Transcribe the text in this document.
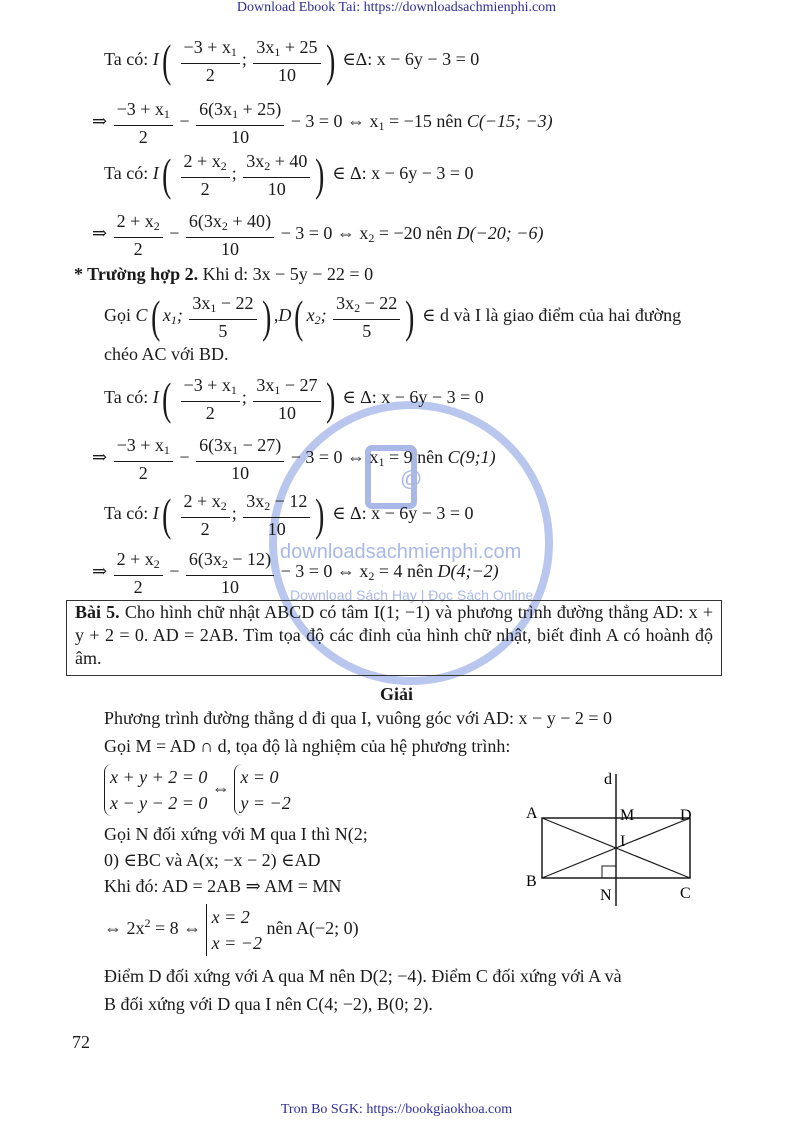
Download Ebook Tai: https://downloadsachmienphi.com
@
downloadsachmienphi.com
Download Sách Hay | Đọc Sách Online
Ta có: $I( \frac{-3 + x_1}{2}$ ; $\frac{3x_1 + 25}{10}$ ) ∈Δ: x − 6y − 3 = 0
⇒ $\frac{-3 + x_1}{2} - \frac{6(3x_1 + 25)}{10} - 3 = 0$ ⇔ $x_1 = -15$ nên C(−15; −3)
Ta có: $I( \frac{2 + x_2}{2}$ ; $\frac{3x_2 + 40}{10}$ ) ∈ Δ: x − 6y − 3 = 0
⇒ $\frac{2 + x_2}{2} - \frac{6(3x_2 + 40)}{10} - 3 = 0$ ⇔ $x_2 = -20$ nên D(−20; −6)
* Trường hợp 2. Khi d: 3x − 5y − 22 = 0
Gọi C( $x_1$; $\frac{3x_1 - 22}{5}$ ) ,D( $x_2$; $\frac{3x_2 - 22}{5}$ ) ∈ d và I là giao điểm của hai đường
chéo AC với BD.
Ta có: $I( \frac{-3 + x_1}{2}$ ; $\frac{3x_1 - 27}{10}$ ) ∈ Δ: x − 6y − 3 = 0
⇒ $\frac{-3 + x_1}{2} - \frac{6(3x_1 - 27)}{10} - 3 = 0$ ⇔ $x_1 = 9$ nên C(9;1)
Ta có: $I( \frac{2 + x_2}{2}$ ; $\frac{3x_2 - 12}{10}$ ) ∈ Δ: x − 6y − 3 = 0
⇒ $\frac{2 + x_2}{2} - \frac{6(3x_2 - 12)}{10} - 3 = 0$ ⇔ $x_2 = 4$ nên D(4;−2)

Bài 5. Cho hình chữ nhật ABCD có tâm I(1; −1) và phương trình đường thẳng AD: x + y + 2 = 0. AD = 2AB. Tìm tọa độ các đỉnh của hình chữ nhật, biết đỉnh A có hoành độ âm.

Giải
Phương trình đường thẳng d đi qua I, vuông góc với AD: x − y − 2 = 0
Gọi M = AD ∩ d, tọa độ là nghiệm của hệ phương trình:
x + y + 2 = 0
x − y − 2 = 0 ⇔ x = 0
y = −2
Gọi N đối xứng với M qua I thì N(2;
0) ∈BC và A(x; −x − 2) ∈AD
Khi đó: AD = 2AB ⇒ AM = MN
⇔ $2x^2 = 8$ ⇔ x = 2
x = −2 nên A(−2; 0)
Điểm D đối xứng với A qua M nên D(2; −4). Điểm C đối xứng với A và
B đối xứng với D qua I nên C(4; −2), B(0; 2).
d
A	M	D
I
B
N	C
72
Tron Bo SGK: https://bookgiaokhoa.com
